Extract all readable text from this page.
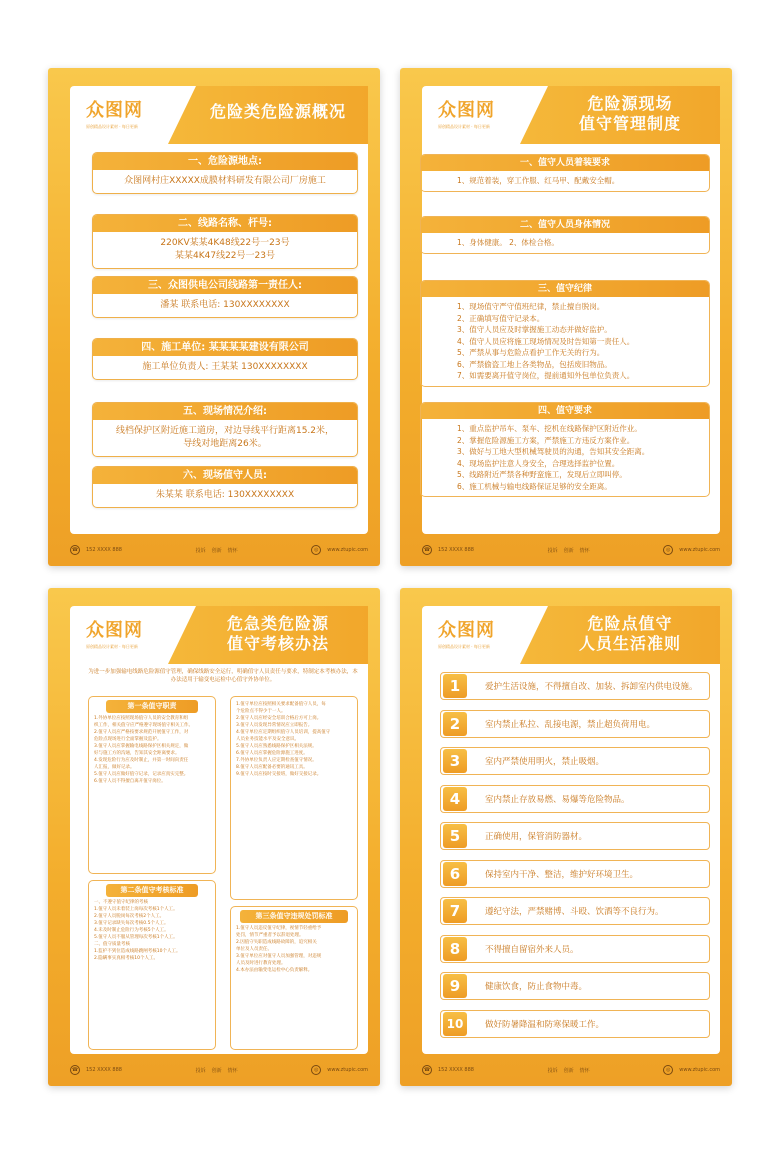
众图网
原创精品设计素材 · 每日更新
危险类危险源概况
一、危险源地点:
众图网村庄XXXXX成膜材料研发有限公司厂房施工
二、线路名称、杆号:
220KV某某4K48线22号一23号
某某4K47线22号一23号
三、众图供电公司线路第一责任人:
潘某 联系电话: 130XXXXXXXX
四、施工单位: 某某某某建设有限公司
施工单位负责人: 王某某 130XXXXXXXX
五、现场情况介绍:
线档保护区附近施工道房，对边导线平行距离15.2米，
导线对地距离26米。
六、现场值守人员:
朱某某 联系电话: 130XXXXXXXX
☎	152 XXXX 888	投诉 创新 情怀	◎	www.ztupic.com
众图网
原创精品设计素材 · 每日更新
危险源现场
值守管理制度
一、值守人员着装要求
1、规范着装，穿工作服、红马甲、配戴安全帽。
二、值守人员身体情况
1、身体健康。 2、体检合格。
三、值守纪律
1、现场值守严守值班纪律，禁止擅自脱岗。
2、正确填写值守记录本。
3、值守人员应及时掌握施工动态并做好监护。
4、值守人员应将施工现场情况及时告知第一责任人。
5、严禁从事与危险点看护工作无关的行为。
6、严禁偷盗工地上各类物品，包括废旧物品。
7、如需要离开值守岗位，提前通知外包单位负责人。
四、值守要求
1、重点监护吊车、泵车、挖机在线路保护区附近作业。
2、掌握危险源施工方案，严禁施工方违反方案作业。
3、做好与工地大型机械驾驶员的沟通，告知其安全距离。
4、现场监护注意人身安全，合理选择监护位置。
5、线路附近严禁各种野蛮施工，发现后立即叫停。
6、施工机械与输电线路保证足够的安全距离。
☎	152 XXXX 888	投诉 创新 情怀	◎	www.ztupic.com
众图网
原创精品设计素材 · 每日更新
危急类危险源
值守考核办法
为进一步加强输电线路危险源值守管理，确保线路安全运行，明确值守人员责任与要求，特制定本考核办法，本办法适用于输变电运检中心值守外协单位。
1.外协单位应按照现场值守人员的安全教育和组
织工作，相关值守应严格遵守现场值守相关工作。
2.值守人员应严格按要求规范开展值守工作，对
危险点现场进行全面掌握及监护。
3.值守人员应掌握输电线路保护区相关规定，做
好与施工方的沟通，告知其安全距离要求。
4.发现危险行为应及时制止，并第一时间向责任
人汇报，做好记录。
5.值守人员应做好值守记录，记录应真实完整。
6.值守人员不得擅自离开值守岗位。
第一条值守职责
一、不遵守值守纪律的考核
1.值守人员未着装上岗每次考核1个人工。
2.值守人员脱岗每次考核2个人工。
3.值守记录缺失每次考核0.5个人工。
4.未及时制止危险行为考核5个人工。
5.值守人员不服从管理每次考核1个人工。
二、值守质量考核
1.监护不到位造成线路跳闸考核10个人工。
2.隐瞒事实真相考核10个人工。
第二条值守考核标准
1.值守单位应按照相关要求配备值守人员，每
个危险点不得少于一人。
2.值守人员应经安全培训合格后方可上岗。
3.值守人员发现异常情况应立即报告。
4.值守单位应定期组织值守人员培训，提高值守
人员业务技能水平及安全意识。
5.值守人员应熟悉线路保护区相关法规。
6.值守人员应掌握危险源施工进度。
7.外协单位负责人应定期检查值守情况。
8.值守人员应配备必要的通讯工具。
9.值守人员应按时交接班，做好交接记录。
1.值守人员违反值守纪律，视情节轻重给予
处罚，情节严重者予以辞退处理。
2.因值守失职造成线路故障的，追究相关
单位及人员责任。
3.值守单位应对值守人员加强管理，对违规
人员及时进行教育处理。
4.本办法由输变电运检中心负责解释。
第三条值守违规处罚标准
☎	152 XXXX 888	投诉 创新 情怀	◎	www.ztupic.com
众图网
原创精品设计素材 · 每日更新
危险点值守
人员生活准则
1	爱护生活设施，不得擅自改、加装、拆卸室内供电设施。
2	室内禁止私拉、乱接电源，禁止超负荷用电。
3	室内严禁使用明火，禁止吸烟。
4	室内禁止存放易燃、易爆等危险物品。
5	正确使用，保管消防器材。
6	保持室内干净、整洁，维护好环境卫生。
7	遵纪守法，严禁赌博、斗殴、饮酒等不良行为。
8	不得擅自留宿外来人员。
9	健康饮食，防止食物中毒。
10	做好防暑降温和防寒保暖工作。
☎	152 XXXX 888	投诉 创新 情怀	◎	www.ztupic.com
